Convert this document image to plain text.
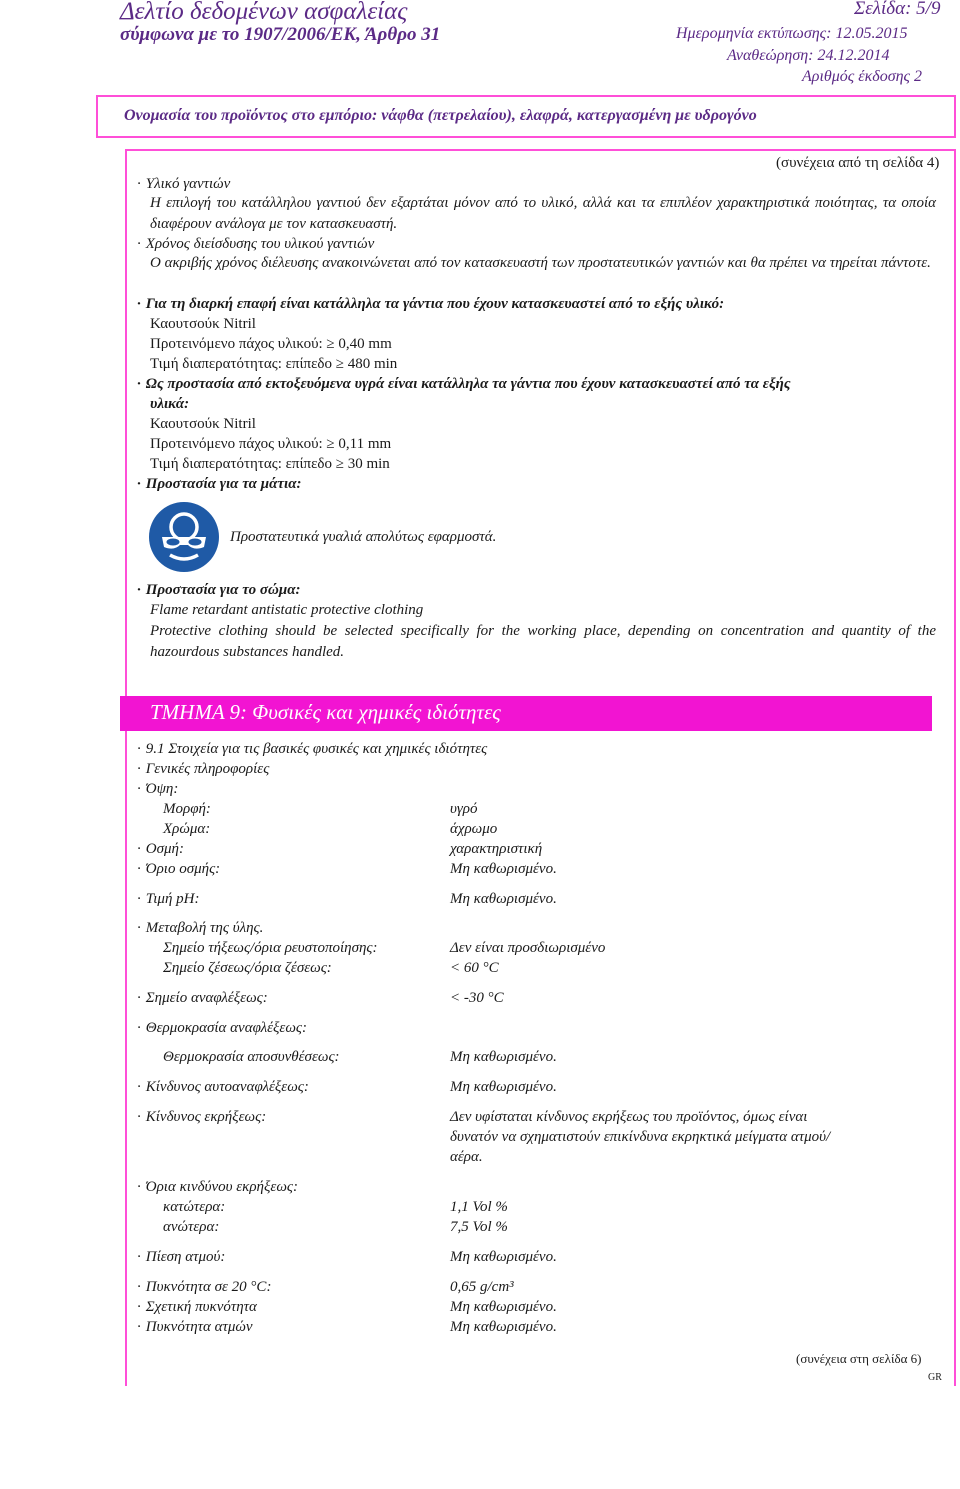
Δελτίο δεδομένων ασφαλείας
σύμφωνα με το 1907/2006/ΕΚ, Άρθρο 31
Σελίδα: 5/9
Ημερομηνία εκτύπωσης: 12.05.2015
Αναθεώρηση: 24.12.2014
Αριθμός έκδοσης 2
Ονομασία του προϊόντος στο εμπόριο: νάφθα (πετρελαίου), ελαφρά, κατεργασμένη με υδρογόνο
(συνέχεια από τη σελίδα 4)
· Υλικό γαντιών
Η επιλογή του κατάλληλου γαντιού δεν εξαρτάται μόνον από το υλικό, αλλά και τα επιπλέον χαρακτηριστικά ποιότητας, τα οποία διαφέρουν ανάλογα με τον κατασκευαστή.
· Χρόνος διείσδυσης του υλικού γαντιών
Ο ακριβής χρόνος διέλευσης ανακοινώνεται από τον κατασκευαστή των προστατευτικών γαντιών και θα πρέπει να τηρείται πάντοτε.
· Για τη διαρκή επαφή είναι κατάλληλα τα γάντια που έχουν κατασκευαστεί από το εξής υλικό:
Καουτσούκ Nitril
Προτεινόμενο πάχος υλικού: ≥ 0,40 mm
Τιμή διαπερατότητας: επίπεδο ≥ 480 min
· Ως προστασία από εκτοξευόμενα υγρά είναι κατάλληλα τα γάντια που έχουν κατασκευαστεί από τα εξής
υλικά:
Καουτσούκ Nitril
Προτεινόμενο πάχος υλικού: ≥ 0,11 mm
Τιμή διαπερατότητας: επίπεδο ≥ 30 min
· Προστασία για τα μάτια:
Προστατευτικά γυαλιά απολύτως εφαρμοστά.
· Προστασία για το σώμα:
Flame retardant antistatic protective clothing
Protective clothing should be selected specifically for the working place, depending on concentration and quantity of the hazourdous substances handled.
ΤΜΗΜΑ 9: Φυσικές και χημικές ιδιότητες
· 9.1 Στοιχεία για τις βασικές φυσικές και χημικές ιδιότητες
· Γενικές πληροφορίες
· Όψη:
Μορφή:	υγρό
Χρώμα:	άχρωμο
· Οσμή:	χαρακτηριστική
· Όριο οσμής:	Μη καθωρισμένο.
· Τιμή pH:	Μη καθωρισμένο.
· Μεταβολή της ύλης.
Σημείο τήξεως/όρια ρευστοποίησης:	Δεν είναι προσδιωρισμένο
Σημείο ζέσεως/όρια ζέσεως:	< 60 °C
· Σημείο αναφλέξεως:	< -30 °C
· Θερμοκρασία αναφλέξεως:
Θερμοκρασία αποσυνθέσεως:	Μη καθωρισμένο.
· Κίνδυνος αυτοαναφλέξεως:	Μη καθωρισμένο.
· Κίνδυνος εκρήξεως:	Δεν υφίσταται κίνδυνος εκρήξεως του προϊόντος, όμως είναι
δυνατόν να σχηματιστούν επικίνδυνα εκρηκτικά μείγματα ατμού/
αέρα.
· Όρια κινδύνου εκρήξεως:
κατώτερα:	1,1 Vol %
ανώτερα:	7,5 Vol %
· Πίεση ατμού:	Μη καθωρισμένο.
· Πυκνότητα σε 20 °C:	0,65 g/cm³
· Σχετική πυκνότητα	Μη καθωρισμένο.
· Πυκνότητα ατμών	Μη καθωρισμένο.
(συνέχεια στη σελίδα 6)
GR
